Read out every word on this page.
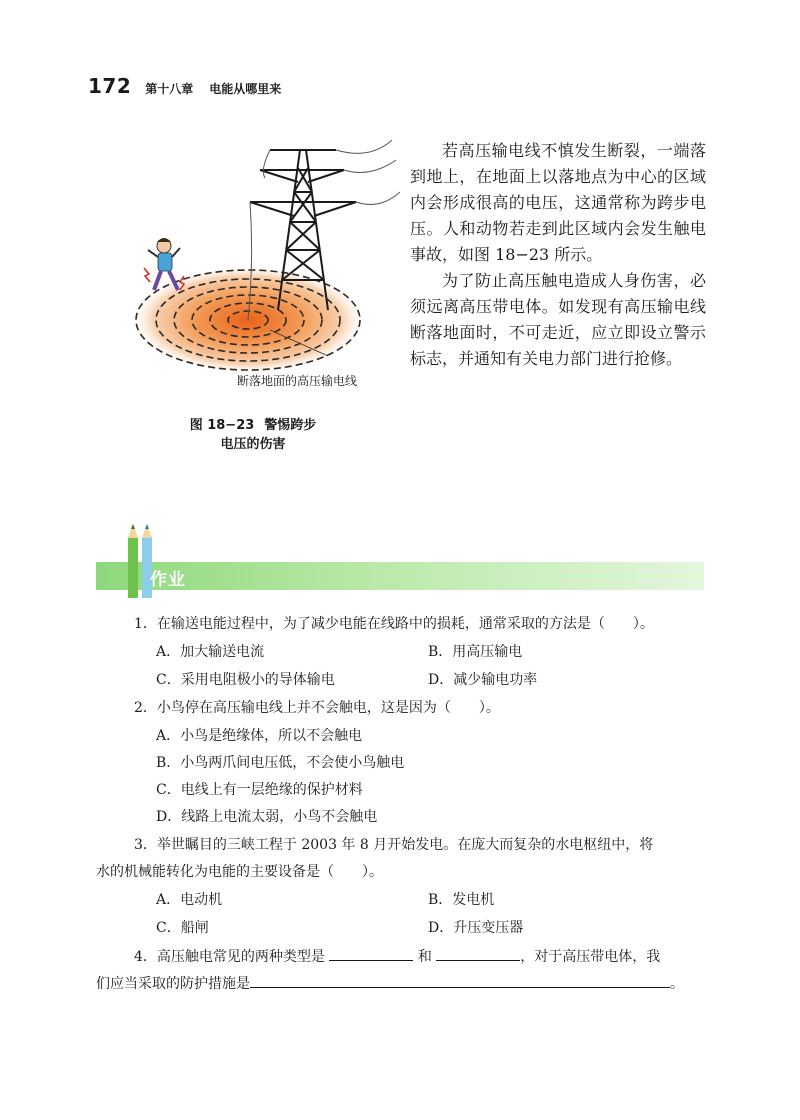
172 第十八章 电能从哪里来
断落地面的高压输电线
图 18−23 警惕跨步
电压的伤害

若高压输电线不慎发生断裂，一端落到地上，在地面上以落地点为中心的区域内会形成很高的电压，这通常称为跨步电压。人和动物若走到此区域内会发生触电事故，如图 18−23 所示。

为了防止高压触电造成人身伤害，必须远离高压带电体。如发现有高压输电线断落地面时，不可走近，应立即设立警示标志，并通知有关电力部门进行抢修。

作业
1．在输送电能过程中，为了减少电能在线路中的损耗，通常采取的方法是（　　）。
A．加大输送电流	B．用高压输电
C．采用电阻极小的导体输电	D．减少输电功率
2．小鸟停在高压输电线上并不会触电，这是因为（　　）。
A．小鸟是绝缘体，所以不会触电
B．小鸟两爪间电压低，不会使小鸟触电
C．电线上有一层绝缘的保护材料
D．线路上电流太弱，小鸟不会触电
3．举世瞩目的三峡工程于 2003 年 8 月开始发电。在庞大而复杂的水电枢纽中，将
水的机械能转化为电能的主要设备是（　　）。
A．电动机	B．发电机
C．船闸	D．升压变压器
4．高压触电常见的两种类型是	和	，对于高压带电体，我
们应当采取的防护措施是	。
